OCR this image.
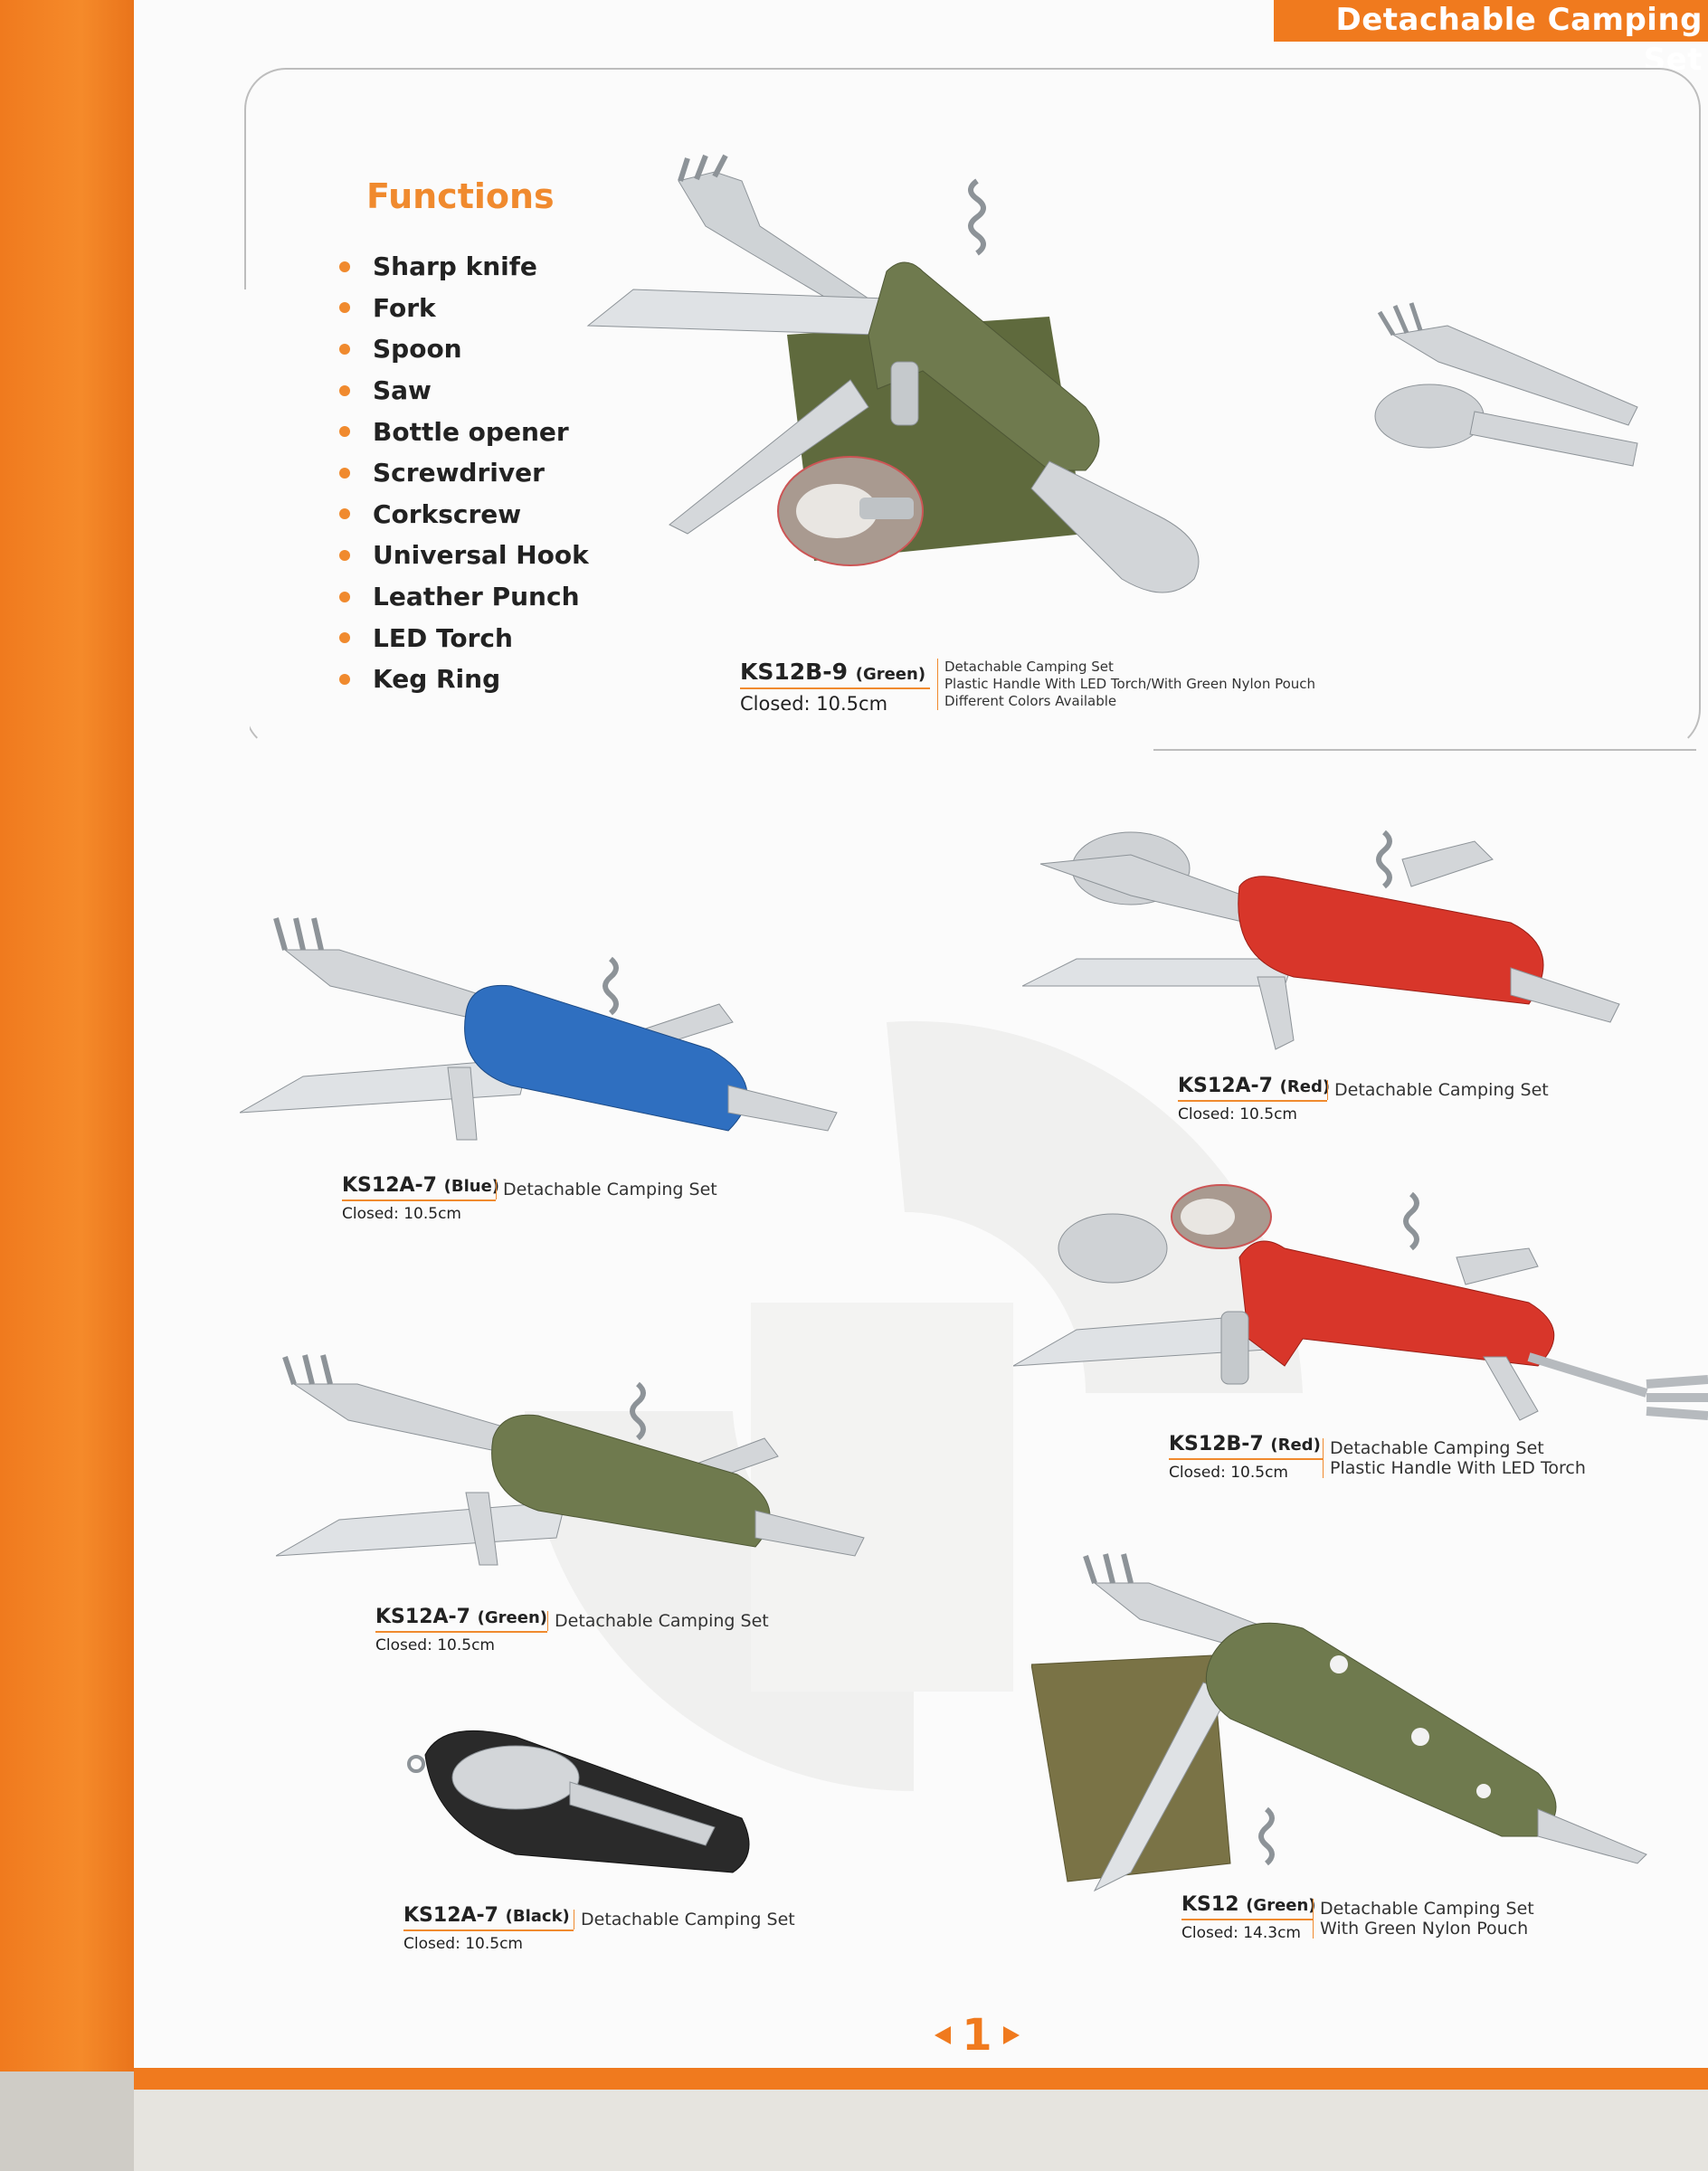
Detachable Camping Set
Functions
Sharp knife
Fork
Spoon
Saw
Bottle opener
Screwdriver
Corkscrew
Universal Hook
Leather Punch
LED Torch
Keg Ring	KS12B-9 (Green)
Closed: 10.5cm
Detachable Camping Set
Plastic Handle With LED Torch/With Green Nylon Pouch
Different Colors Available
KS12A-7 (Red)
Closed: 10.5cm
Detachable Camping Set
KS12A-7 (Blue)
Closed: 10.5cm
Detachable Camping Set
KS12B-7 (Red)
Closed: 10.5cm
Detachable Camping Set
Plastic Handle With LED Torch
KS12A-7 (Green)
Closed: 10.5cm
Detachable Camping Set
KS12A-7 (Black)
Closed: 10.5cm
Detachable Camping Set
KS12 (Green)
Closed: 14.3cm
Detachable Camping Set
With Green Nylon Pouch
1
